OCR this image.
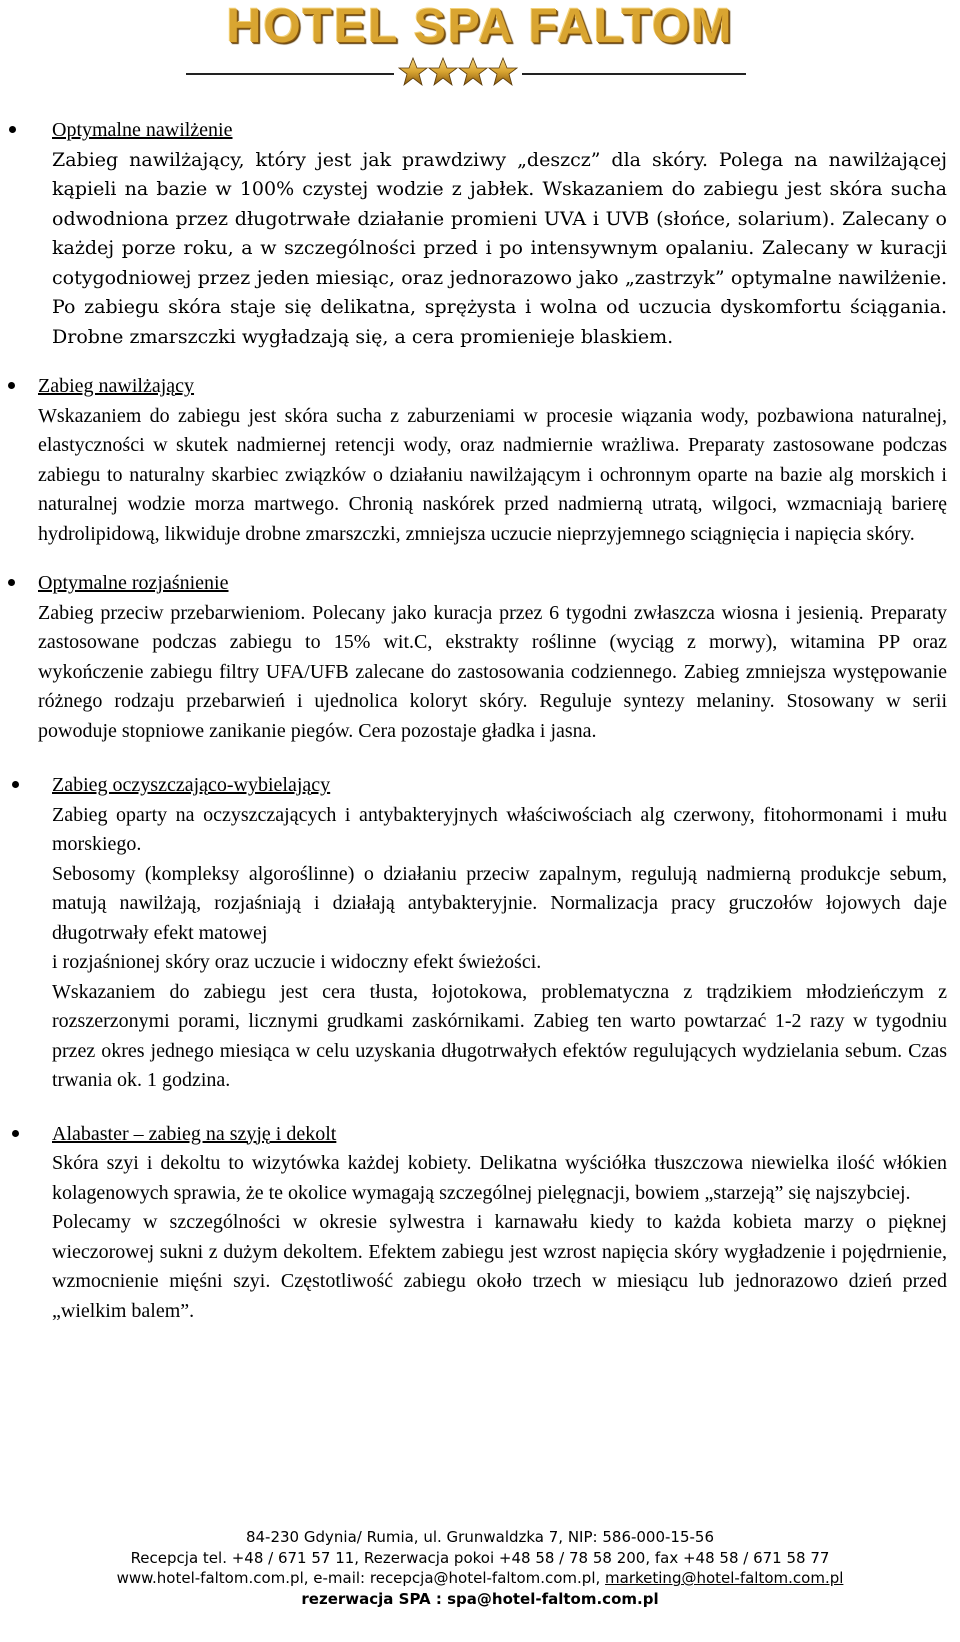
HOTEL SPA FALTOM
Optymalne nawilżenie
Zabieg nawilżający, który jest jak prawdziwy „deszcz” dla skóry. Polega na nawilżającej kąpieli na bazie w 100% czystej wodzie z jabłek. Wskazaniem do zabiegu jest skóra sucha odwodniona przez długotrwałe działanie promieni UVA i UVB (słońce, solarium). Zalecany o każdej porze roku, a w szczególności przed i po intensywnym opalaniu. Zalecany w kuracji cotygodniowej przez jeden miesiąc, oraz jednorazowo jako „zastrzyk” optymalne nawilżenie. Po zabiegu skóra staje się delikatna, sprężysta i wolna od uczucia dyskomfortu ściągania. Drobne zmarszczki wygładzają się, a cera promienieje blaskiem.
Zabieg nawilżający
Wskazaniem do zabiegu jest skóra sucha z zaburzeniami w procesie wiązania wody, pozbawiona naturalnej, elastyczności w skutek nadmiernej retencji wody, oraz nadmiernie wrażliwa. Preparaty zastosowane podczas zabiegu to naturalny skarbiec związków o działaniu nawilżającym i ochronnym oparte na bazie alg morskich i naturalnej wodzie morza martwego. Chronią naskórek przed nadmierną utratą, wilgoci, wzmacniają barierę hydrolipidową, likwiduje drobne zmarszczki, zmniejsza uczucie nieprzyjemnego sciągnięcia i napięcia skóry.
Optymalne rozjaśnienie
Zabieg przeciw przebarwieniom. Polecany jako kuracja przez 6 tygodni zwłaszcza wiosna i jesienią. Preparaty zastosowane podczas zabiegu to 15% wit.C, ekstrakty roślinne (wyciąg z morwy), witamina PP oraz wykończenie zabiegu filtry UFA/UFB zalecane do zastosowania codziennego. Zabieg zmniejsza występowanie różnego rodzaju przebarwień i ujednolica koloryt skóry. Reguluje syntezy melaniny. Stosowany w serii powoduje stopniowe zanikanie piegów. Cera pozostaje gładka i jasna.
Zabieg oczyszczająco-wybielający
Zabieg oparty na oczyszczających i antybakteryjnych właściwościach alg czerwony, fitohormonami i mułu morskiego.
Sebosomy (kompleksy algoroślinne) o działaniu przeciw zapalnym, regulują nadmierną produkcje sebum, matują nawilżają, rozjaśniają i działają antybakteryjnie. Normalizacja pracy gruczołów łojowych daje długotrwały efekt matowej
i rozjaśnionej skóry oraz uczucie i widoczny efekt świeżości.
Wskazaniem do zabiegu jest cera tłusta, łojotokowa, problematyczna z trądzikiem młodzieńczym z rozszerzonymi porami, licznymi grudkami zaskórnikami. Zabieg ten warto powtarzać 1-2 razy w tygodniu przez okres jednego miesiąca w celu uzyskania długotrwałych efektów regulujących wydzielania sebum. Czas trwania ok. 1 godzina.
Alabaster – zabieg na szyję i dekolt
Skóra szyi i dekoltu to wizytówka każdej kobiety. Delikatna wyściółka tłuszczowa niewielka ilość włókien kolagenowych sprawia, że te okolice wymagają szczególnej pielęgnacji, bowiem „starzeją” się najszybciej.
Polecamy w szczególności w okresie sylwestra i karnawału kiedy to każda kobieta marzy o pięknej wieczorowej sukni z dużym dekoltem. Efektem zabiegu jest wzrost napięcia skóry wygładzenie i pojędrnienie, wzmocnienie mięśni szyi. Częstotliwość zabiegu około trzech w miesiącu lub jednorazowo dzień przed „wielkim balem”.
84-230 Gdynia/ Rumia, ul. Grunwaldzka 7, NIP: 586-000-15-56
Recepcja tel. +48 / 671 57 11, Rezerwacja pokoi +48 58 / 78 58 200, fax +48 58 / 671 58 77
www.hotel-faltom.com.pl, e-mail: recepcja@hotel-faltom.com.pl, marketing@hotel-faltom.com.pl
rezerwacja SPA : spa@hotel-faltom.com.pl
